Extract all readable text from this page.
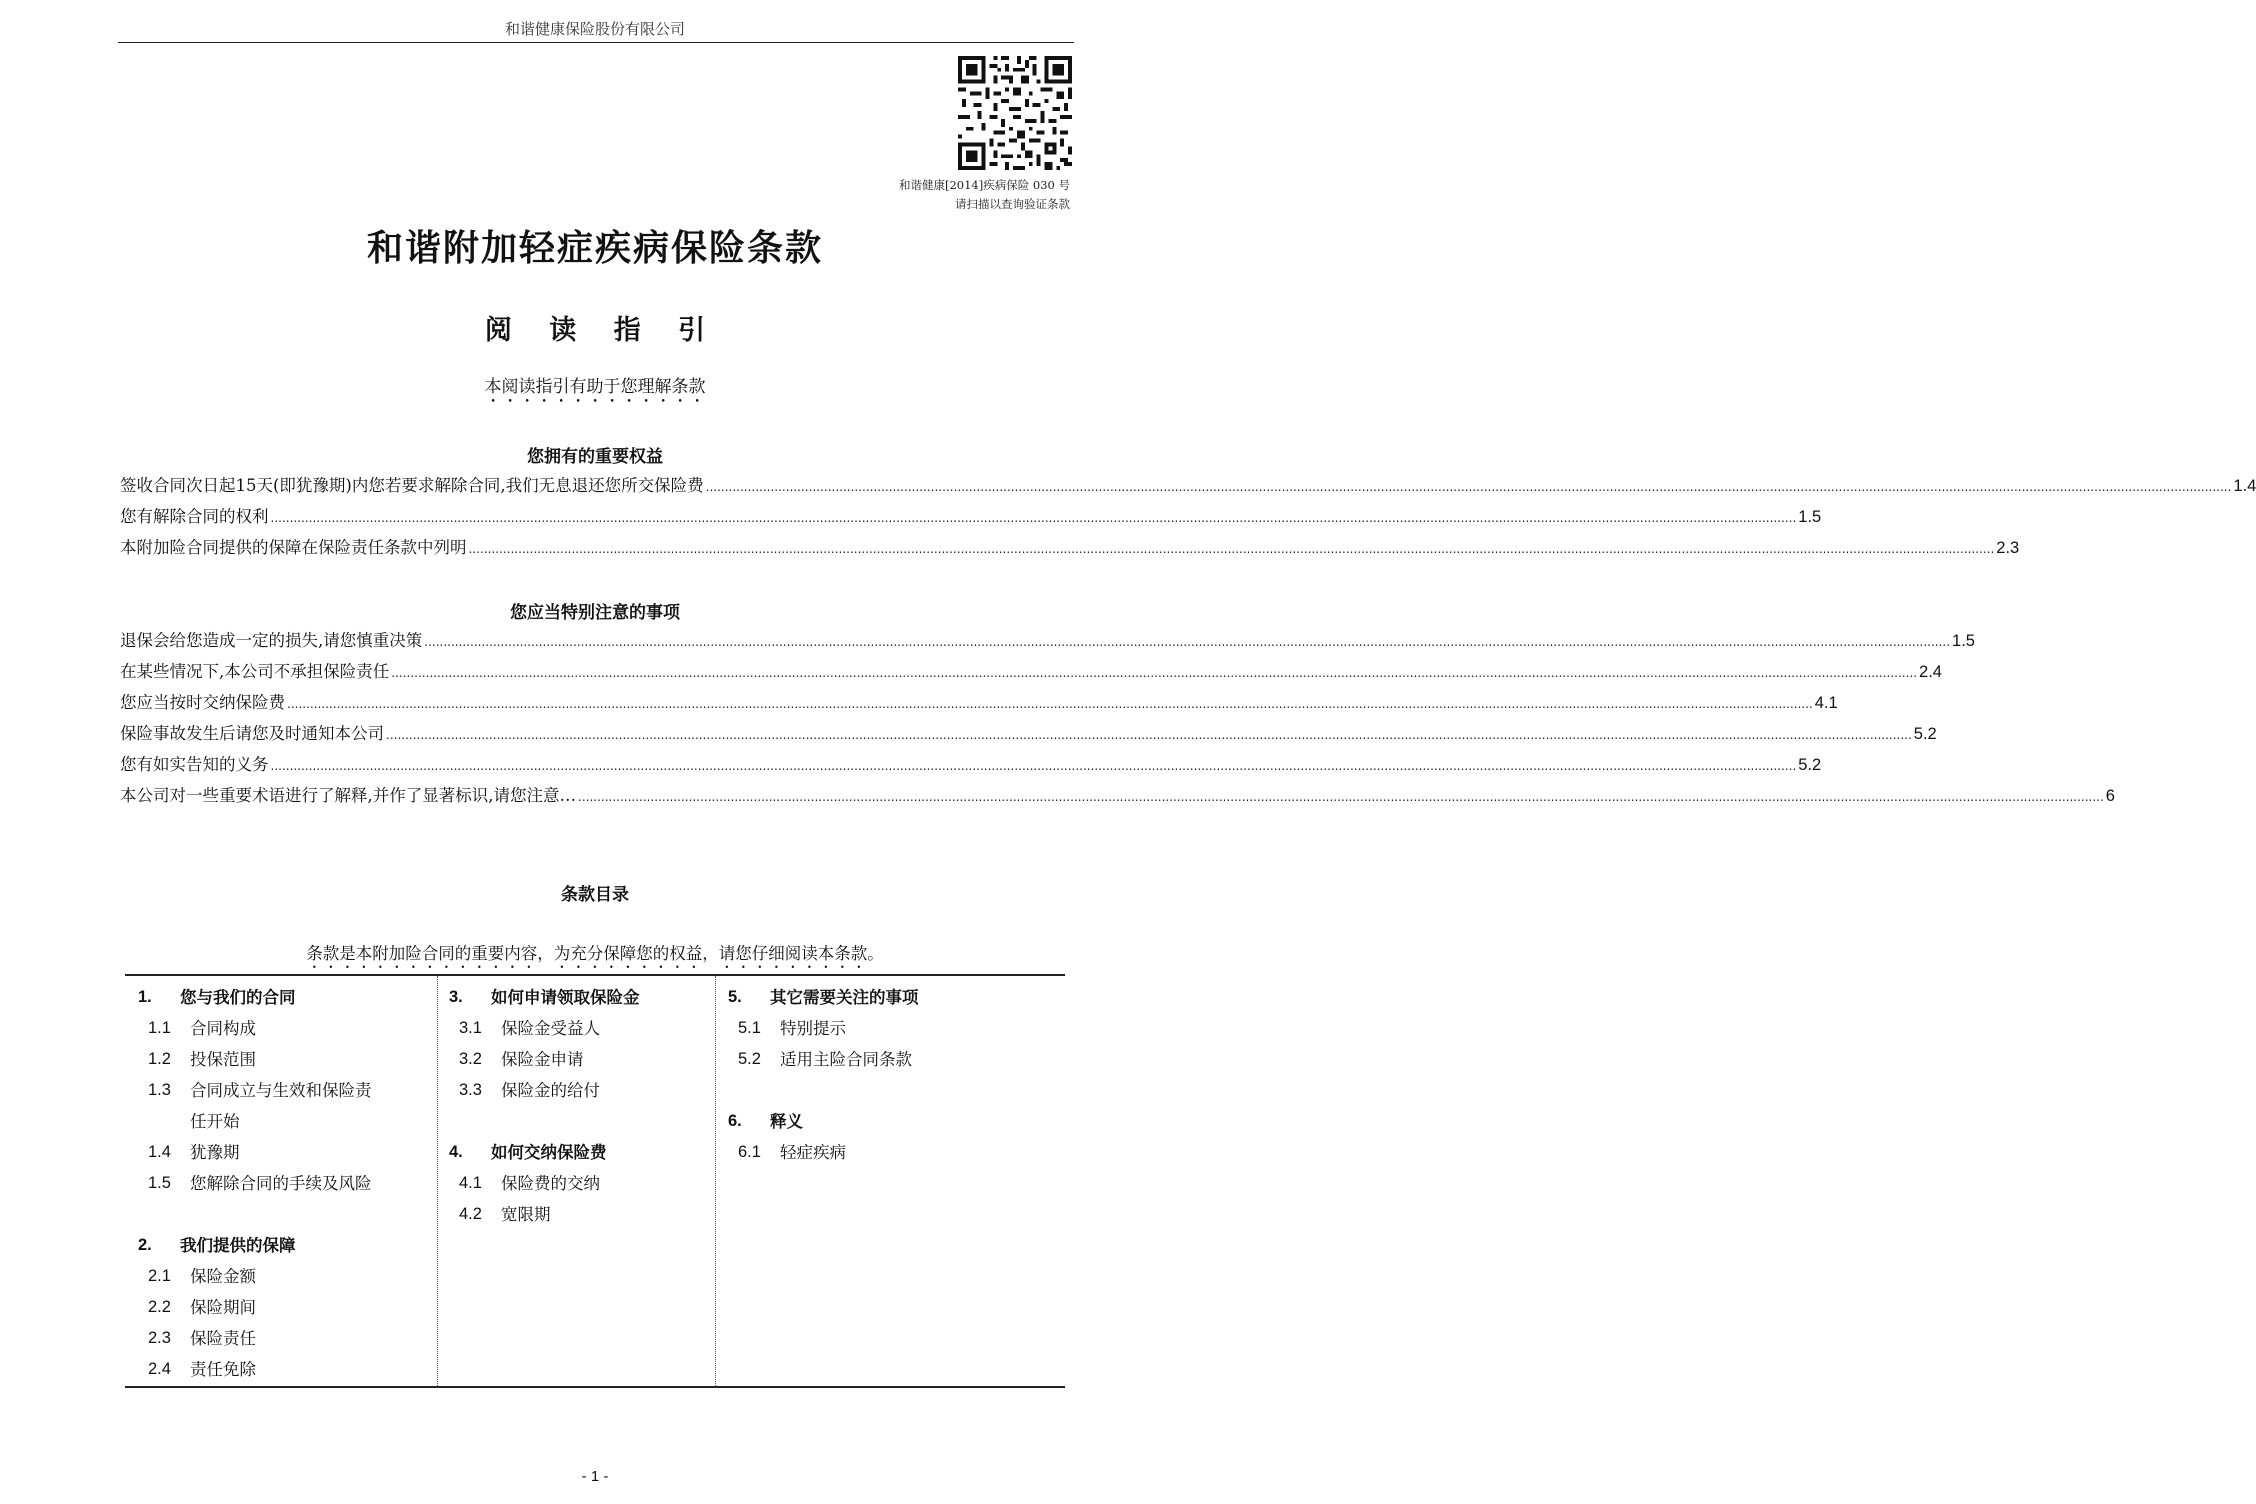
和谐健康保险股份有限公司
和谐健康[2014]疾病保险 030 号
请扫描以查询验证条款
和谐附加轻症疾病保险条款
阅 读 指 引
本阅读指引有助于您理解条款
您拥有的重要权益
签收合同次日起15天(即犹豫期)内您若要求解除合同,我们无息退还您所交保险费 ................................................................................................................................................................................................................................................................................................................................................................................................................ 1.4
您有解除合同的权利 ................................................................................................................................................................................................................................................................................................................................................................................................................ 1.5
本附加险合同提供的保障在保险责任条款中列明 ................................................................................................................................................................................................................................................................................................................................................................................................................ 2.3
您应当特别注意的事项
退保会给您造成一定的损失,请您慎重决策 ................................................................................................................................................................................................................................................................................................................................................................................................................ 1.5
在某些情况下,本公司不承担保险责任 ................................................................................................................................................................................................................................................................................................................................................................................................................ 2.4
您应当按时交纳保险费 ................................................................................................................................................................................................................................................................................................................................................................................................................ 4.1
保险事故发生后请您及时通知本公司 ................................................................................................................................................................................................................................................................................................................................................................................................................ 5.2
您有如实告知的义务 ................................................................................................................................................................................................................................................................................................................................................................................................................ 5.2
本公司对一些重要术语进行了解释,并作了显著标识,请您注意… ................................................................................................................................................................................................................................................................................................................................................................................................................ 6
条款目录
条款是本附加险合同的重要内容，为充分保障您的权益，请您仔细阅读本条款。
1.	您与我们的合同
1.1	合同构成
1.2	投保范围
1.3	合同成立与生效和保险责
任开始
1.4	犹豫期
1.5	您解除合同的手续及风险
2.	我们提供的保障
2.1	保险金额
2.2	保险期间
2.3	保险责任
2.4	责任免除
3.	如何申请领取保险金
3.1	保险金受益人
3.2	保险金申请
3.3	保险金的给付
4.	如何交纳保险费
4.1	保险费的交纳
4.2	宽限期
5.	其它需要关注的事项
5.1	特别提示
5.2	适用主险合同条款
6.	释义
6.1	轻症疾病
- 1 -
